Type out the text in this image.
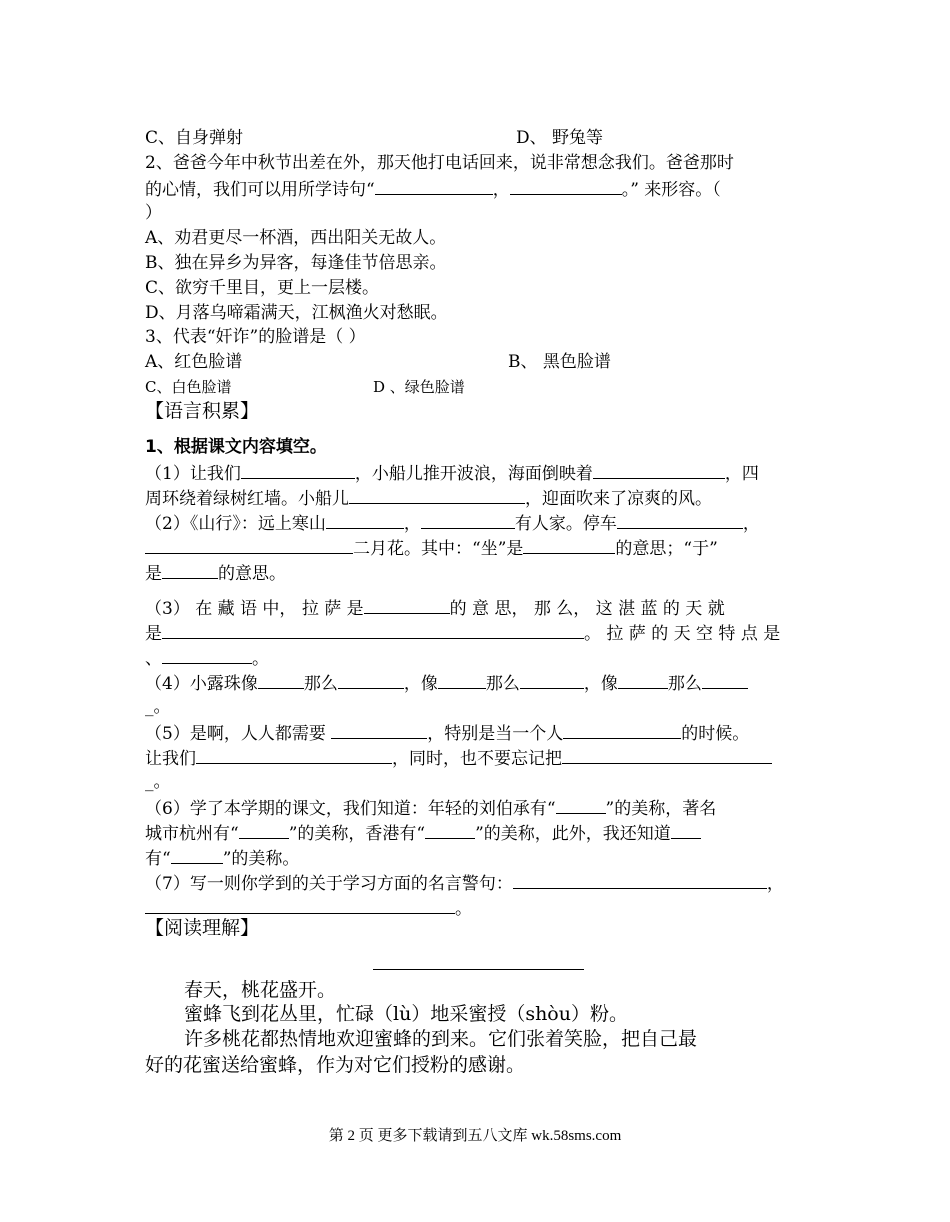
C、自身弹射	D、 野兔等
2、爸爸今年中秋节出差在外，那天他打电话回来，说非常想念我们。爸爸那时
的心情，我们可以用所学诗句“	，	。” 来形容。（
）
A、劝君更尽一杯酒，西出阳关无故人。
B、独在异乡为异客，每逢佳节倍思亲。
C、欲穷千里目，更上一层楼。
D、月落乌啼霜满天，江枫渔火对愁眠。
3、代表“奸诈”的脸谱是（ ）
A、红色脸谱	B、 黑色脸谱
C、白色脸谱	D 、绿色脸谱
【语言积累】
1、根据课文内容填空。
（1）让我们	，小船儿推开波浪，海面倒映着	，四
周环绕着绿树红墙。小船儿	，迎面吹来了凉爽的风。
（2）《山行》：远上寒山	，	有人家。停车	，
二月花。其中：“坐”是	的意思；“于”
是	的意思。
（3） 在 藏 语 中， 拉 萨 是	的 意 思， 那 么， 这 湛 蓝 的 天 就
是	。 拉 萨 的 天 空 特 点 是
、	。
（4）小露珠像	那么	，像	那么	，像	那么
_。
（5）是啊，人人都需要	，特别是当一个人	的时候。
让我们	，同时，也不要忘记把
_。
（6）学了本学期的课文，我们知道：年轻的刘伯承有“	”的美称，著名
城市杭州有“	”的美称，香港有“	”的美称，此外，我还知道
有“	”的美称。
（7）写一则你学到的关于学习方面的名言警句：	，
。
【阅读理解】
春天，桃花盛开。
蜜蜂飞到花丛里，忙碌（lù）地采蜜授（shòu）粉。
许多桃花都热情地欢迎蜜蜂的到来。它们张着笑脸，把自己最
好的花蜜送给蜜蜂，作为对它们授粉的感谢。
第 2 页 更多下载请到五八文库 wk.58sms.com
